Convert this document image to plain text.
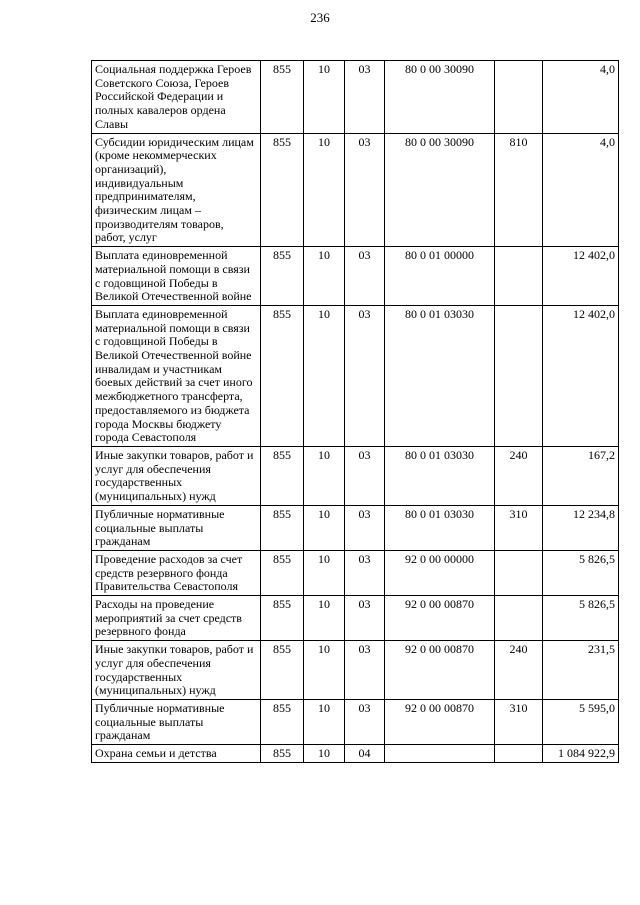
236
Социальная поддержка Героев Советского Союза, Героев Российской Федерации и полных кавалеров ордена Славы	855	10	03	80 0 00 30090		4,0
Субсидии юридическим лицам (кроме некоммерческих организаций), индивидуальным предпринимателям, физическим лицам – производителям товаров, работ, услуг	855	10	03	80 0 00 30090	810	4,0
Выплата единовременной материальной помощи в связи с годовщиной Победы в Великой Отечественной войне	855	10	03	80 0 01 00000		12 402,0
Выплата единовременной материальной помощи в связи с годовщиной Победы в Великой Отечественной войне инвалидам и участникам боевых действий за счет иного межбюджетного трансферта, предоставляемого из бюджета города Москвы бюджету города Севастополя	855	10	03	80 0 01 03030		12 402,0
Иные закупки товаров, работ и услуг для обеспечения государственных (муниципальных) нужд	855	10	03	80 0 01 03030	240	167,2
Публичные нормативные социальные выплаты гражданам	855	10	03	80 0 01 03030	310	12 234,8
Проведение расходов за счет средств резервного фонда Правительства Севастополя	855	10	03	92 0 00 00000		5 826,5
Расходы на проведение мероприятий за счет средств резервного фонда	855	10	03	92 0 00 00870		5 826,5
Иные закупки товаров, работ и услуг для обеспечения государственных (муниципальных) нужд	855	10	03	92 0 00 00870	240	231,5
Публичные нормативные социальные выплаты гражданам	855	10	03	92 0 00 00870	310	5 595,0
Охрана семьи и детства	855	10	04			1 084 922,9
